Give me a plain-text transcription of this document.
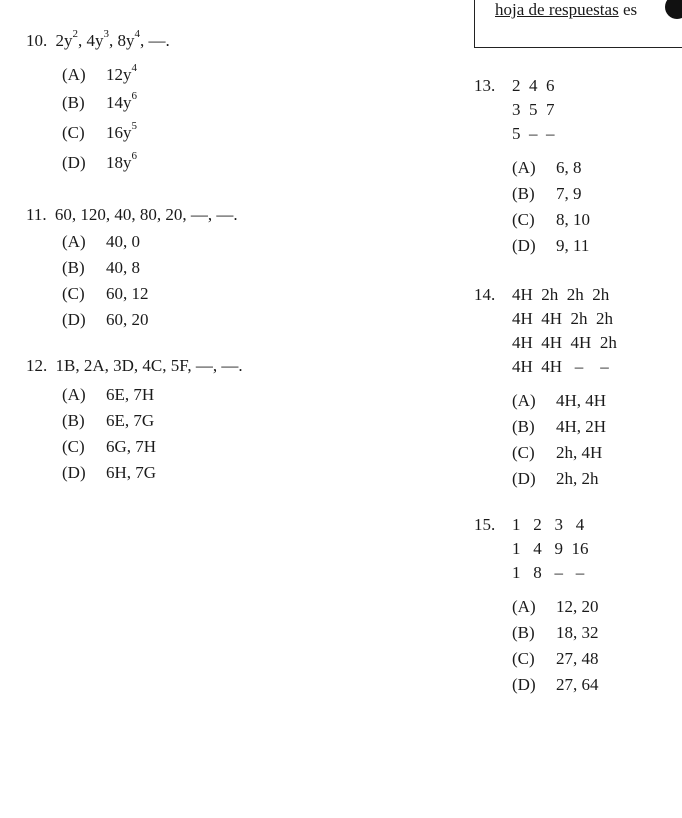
hoja de respuestas es
10. $2y^2$, $4y^3$, $8y^4$, —.
(A) $12y^4$
(B) $14y^6$
(C) $16y^5$
(D) $18y^6$
11. 60, 120, 40, 80, 20, —, —.
(A) 40, 0
(B) 40, 8
(C) 60, 12
(D) 60, 20
12. 1B, 2A, 3D, 4C, 5F, —, —.
(A) 6E, 7H
(B) 6E, 7G
(C) 6G, 7H
(D) 6H, 7G
13. 2  4  6
3  5  7
5  –  –
(A) 6, 8
(B) 7, 9
(C) 8, 10
(D) 9, 11
14. 4H  2h  2h  2h
4H  4H  2h  2h
4H  4H  4H  2h
4H  4H   –    –
(A) 4H, 4H
(B) 4H, 2H
(C) 2h, 4H
(D) 2h, 2h
15. 1   2   3   4
1   4   9  16
1   8   –   –
(A) 12, 20
(B) 18, 32
(C) 27, 48
(D) 27, 64
